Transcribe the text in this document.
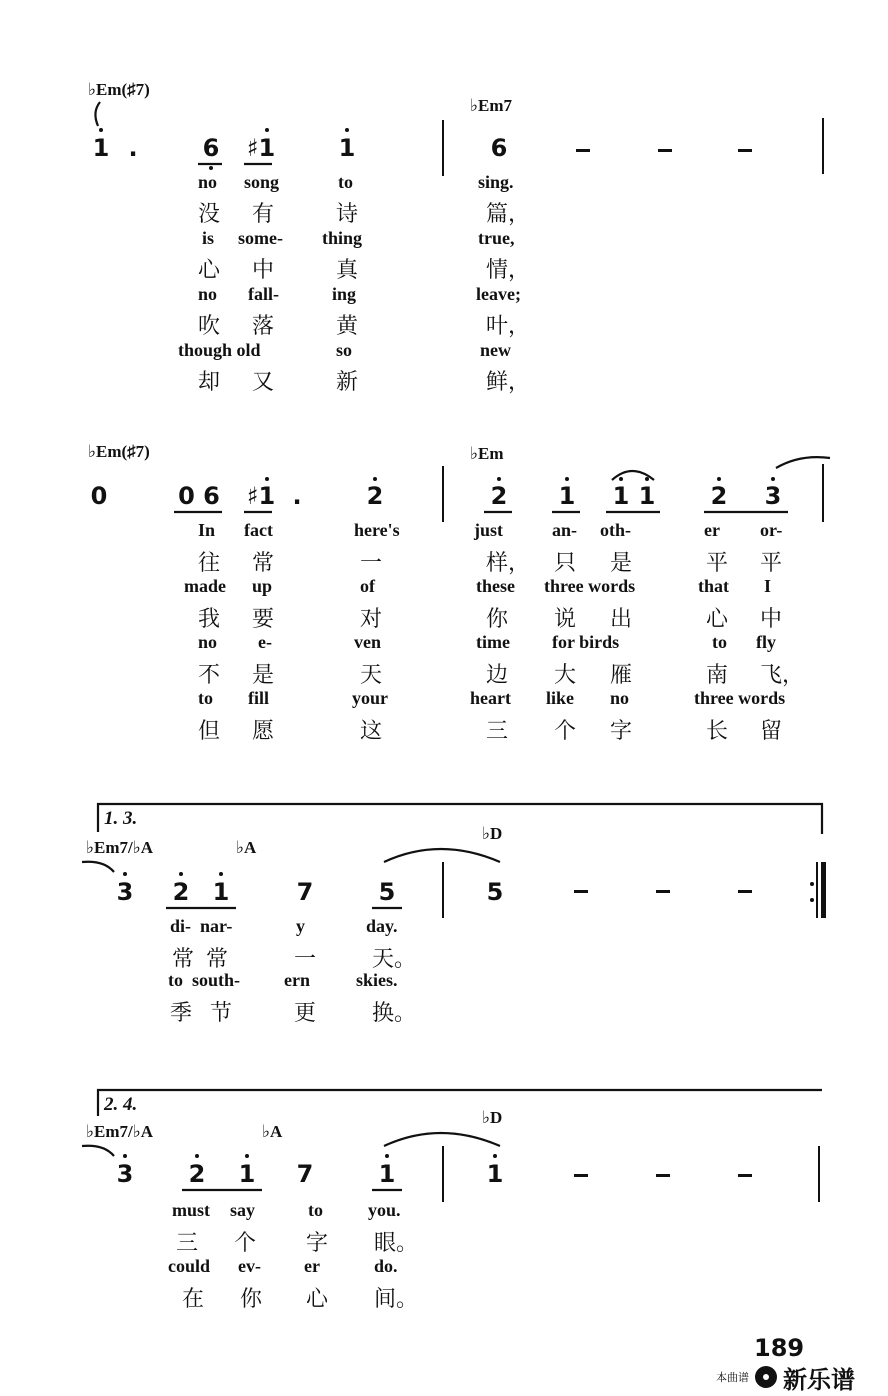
♭Em(♯7)
♭Em7
1 .	6 ♯1	1	6
no song	to	sing.
没 有	诗	篇，
is some- thing	true,
心 中	真	情，
no fall-	ing	leave;
吹 落	黄	叶，
though old	so	new
却 又	新	鲜，
♭Em(♯7)	♭Em
0	0 6 ♯1 .	2	2 1 1 1 2 3
In fact	here's	just	an- oth-	er or-
往 常	一	样， 只 是	平 平
made up	of	these three words	that I
我 要	对	你 说 出	心 中
no e-	ven	time for birds	to fly
不 是	天	边 大 雁	南 飞，
to fill	your	heart like no	three words
但 愿	这	三 个 字	长 留
1. 3.
♭Em7/♭A	♭A
♭D
3 2 1	7	5	5
di- nar-	y	day.
常 常	一	天。
to south- ern	skies.
季 节	更	换。
2. 4.
♭Em7/♭A	♭A
♭D
3 2 1 7	1	1
must say	to	you.
三 个 字 眼。
could ev- er	do.
在 你 心 间。
189
本曲谱 新乐谱
